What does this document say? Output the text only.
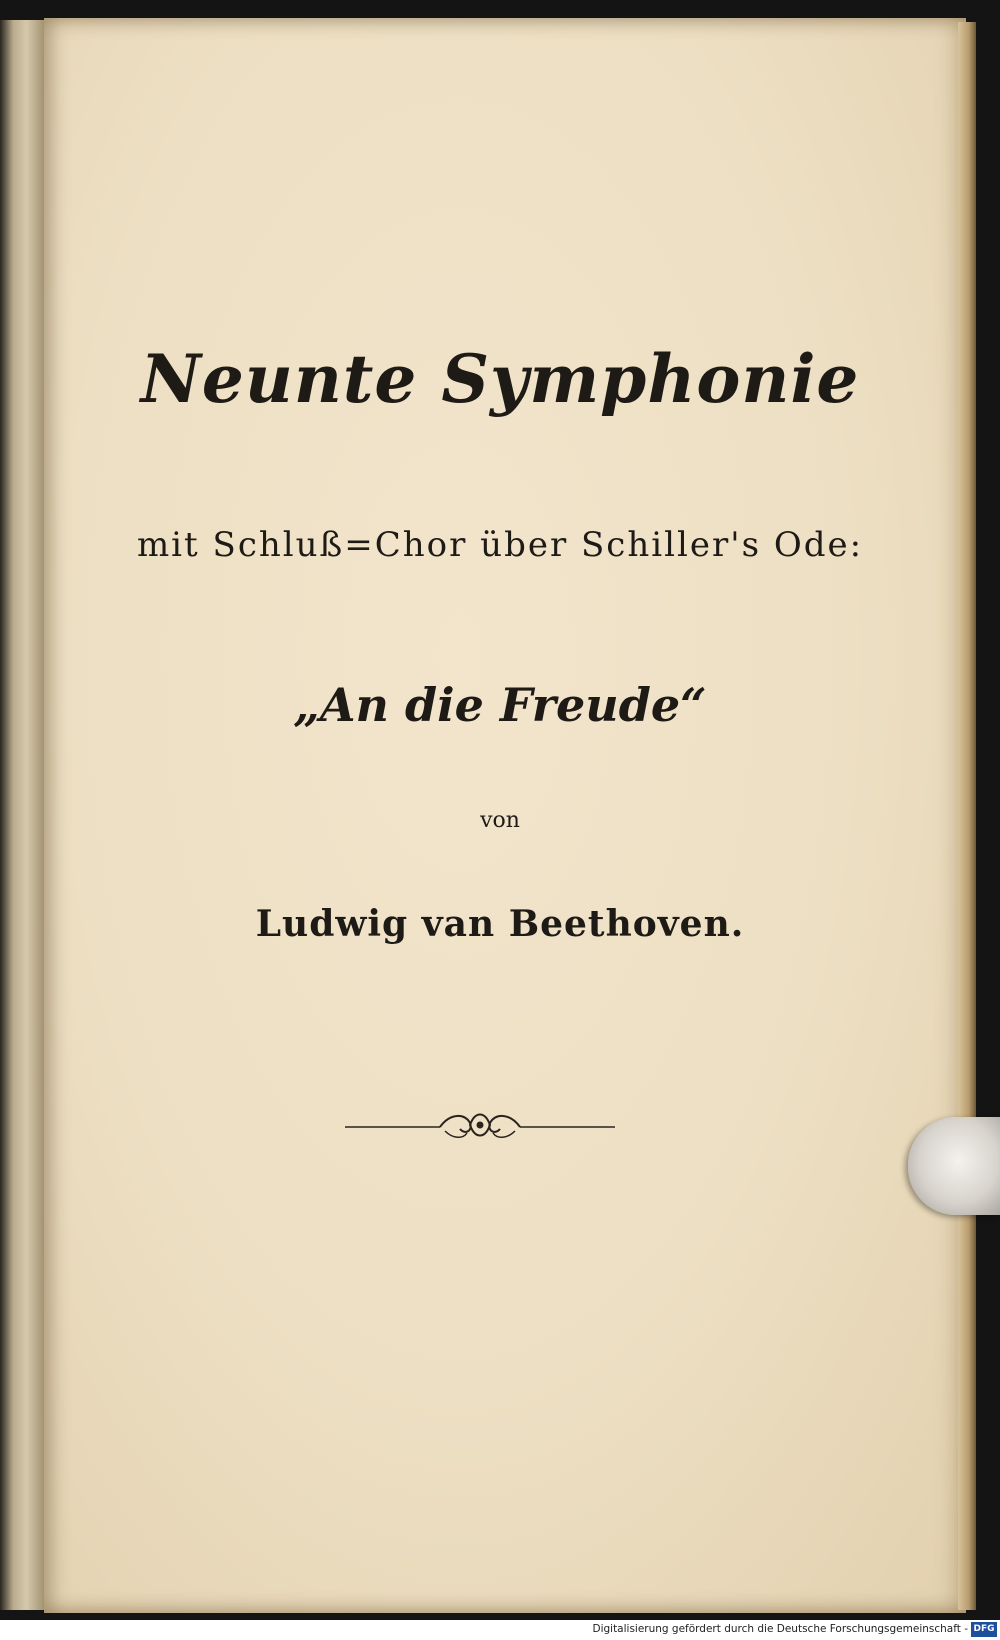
Neunte Symphonie
mit Schluß=Chor über Schiller's Ode:
„An die Freude“
von
Ludwig van Beethoven.
Digitalisierung gefördert durch die Deutsche Forschungsgemeinschaft - DFG
